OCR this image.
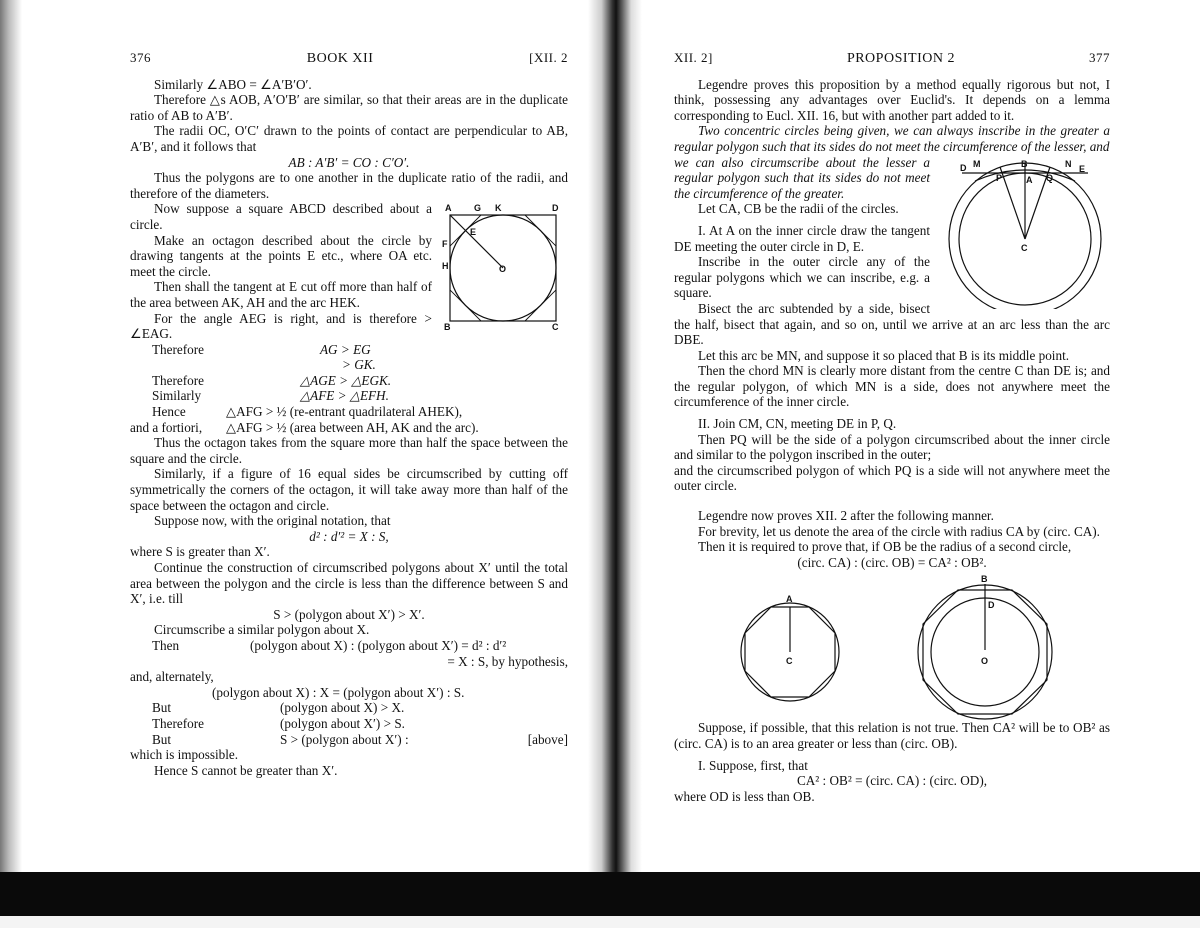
376	BOOK XII	[XII. 2

Similarly ∠ABO = ∠A′B′O′.

Therefore △s AOB, A′O′B′ are similar, so that their areas are in the duplicate ratio of AB to A′B′.

The radii OC, O′C′ drawn to the points of contact are perpendicular to AB, A′B′, and it follows that

AB : A′B′ = CO : C′O′.

Thus the polygons are to one another in the duplicate ratio of the radii, and therefore of the diameters.

A	G K	D
E
F
H	O
B	C

Now suppose a square ABCD described about a circle.

Make an octagon described about the circle by drawing tangents at the points E etc., where OA etc. meet the circle.

Then shall the tangent at E cut off more than half of the area between AK, AH and the arc HEK.

For the angle AEG is right, and is therefore > ∠EAG.

Therefore	AG > EG
> GK.
Therefore	△AGE > △EGK.
Similarly	△AFE > △EFH.
Hence	△AFG > ½ (re-entrant quadrilateral AHEK),
and a fortiori,	△AFG > ½ (area between AH, AK and the arc).

Thus the octagon takes from the square more than half the space between the square and the circle.

Similarly, if a figure of 16 equal sides be circumscribed by cutting off symmetrically the corners of the octagon, it will take away more than half of the space between the octagon and circle.

Suppose now, with the original notation, that

d² : d′² = X : S,

where S is greater than X′.

Continue the construction of circumscribed polygons about X′ until the total area between the polygon and the circle is less than the difference between S and X′, i.e. till

S > (polygon about X′) > X′.

Circumscribe a similar polygon about X.

Then	(polygon about X) : (polygon about X′) = d² : d′²
= X : S, by hypothesis,

and, alternately,

(polygon about X) : X = (polygon about X′) : S.
But	(polygon about X) > X.
Therefore	(polygon about X′) > S.
But	S > (polygon about X′) :	[above]

which is impossible.

Hence S cannot be greater than X′.

XII. 2]	PROPOSITION 2	377

Legendre proves this proposition by a method equally rigorous but not, I think, possessing any advantages over Euclid's. It depends on a lemma corresponding to Eucl. XII. 16, but with another part added to it.

Two concentric circles being given, we can always inscribe in the greater a regular polygon such that its sides do not meet the circumference of the lesser, and

D M	B	N E
P	A Q
C

we can also circumscribe about the lesser a regular polygon such that its sides do not meet the circumference of the greater.

Let CA, CB be the radii of the circles.

I. At A on the inner circle draw the tangent DE meeting the outer circle in D, E.

Inscribe in the outer circle any of the regular polygons which we can inscribe, e.g. a square.

Bisect the arc subtended by a side, bisect the half, bisect that again, and so on, until we arrive at an arc less than the arc DBE.

Let this arc be MN, and suppose it so placed that B is its middle point.

Then the chord MN is clearly more distant from the centre C than DE is; and the regular polygon, of which MN is a side, does not anywhere meet the circumference of the inner circle.

II. Join CM, CN, meeting DE in P, Q.

Then PQ will be the side of a polygon circumscribed about the inner circle and similar to the polygon inscribed in the outer;

and the circumscribed polygon of which PQ is a side will not anywhere meet the outer circle.

Legendre now proves XII. 2 after the following manner.

For brevity, let us denote the area of the circle with radius CA by (circ. CA).

Then it is required to prove that, if OB be the radius of a second circle,

(circ. CA) : (circ. OB) = CA² : OB².
A
C
B
D
O

Suppose, if possible, that this relation is not true. Then CA² will be to OB² as (circ. CA) is to an area greater or less than (circ. OB).

I. Suppose, first, that

CA² : OB² = (circ. CA) : (circ. OD),

where OD is less than OB.
